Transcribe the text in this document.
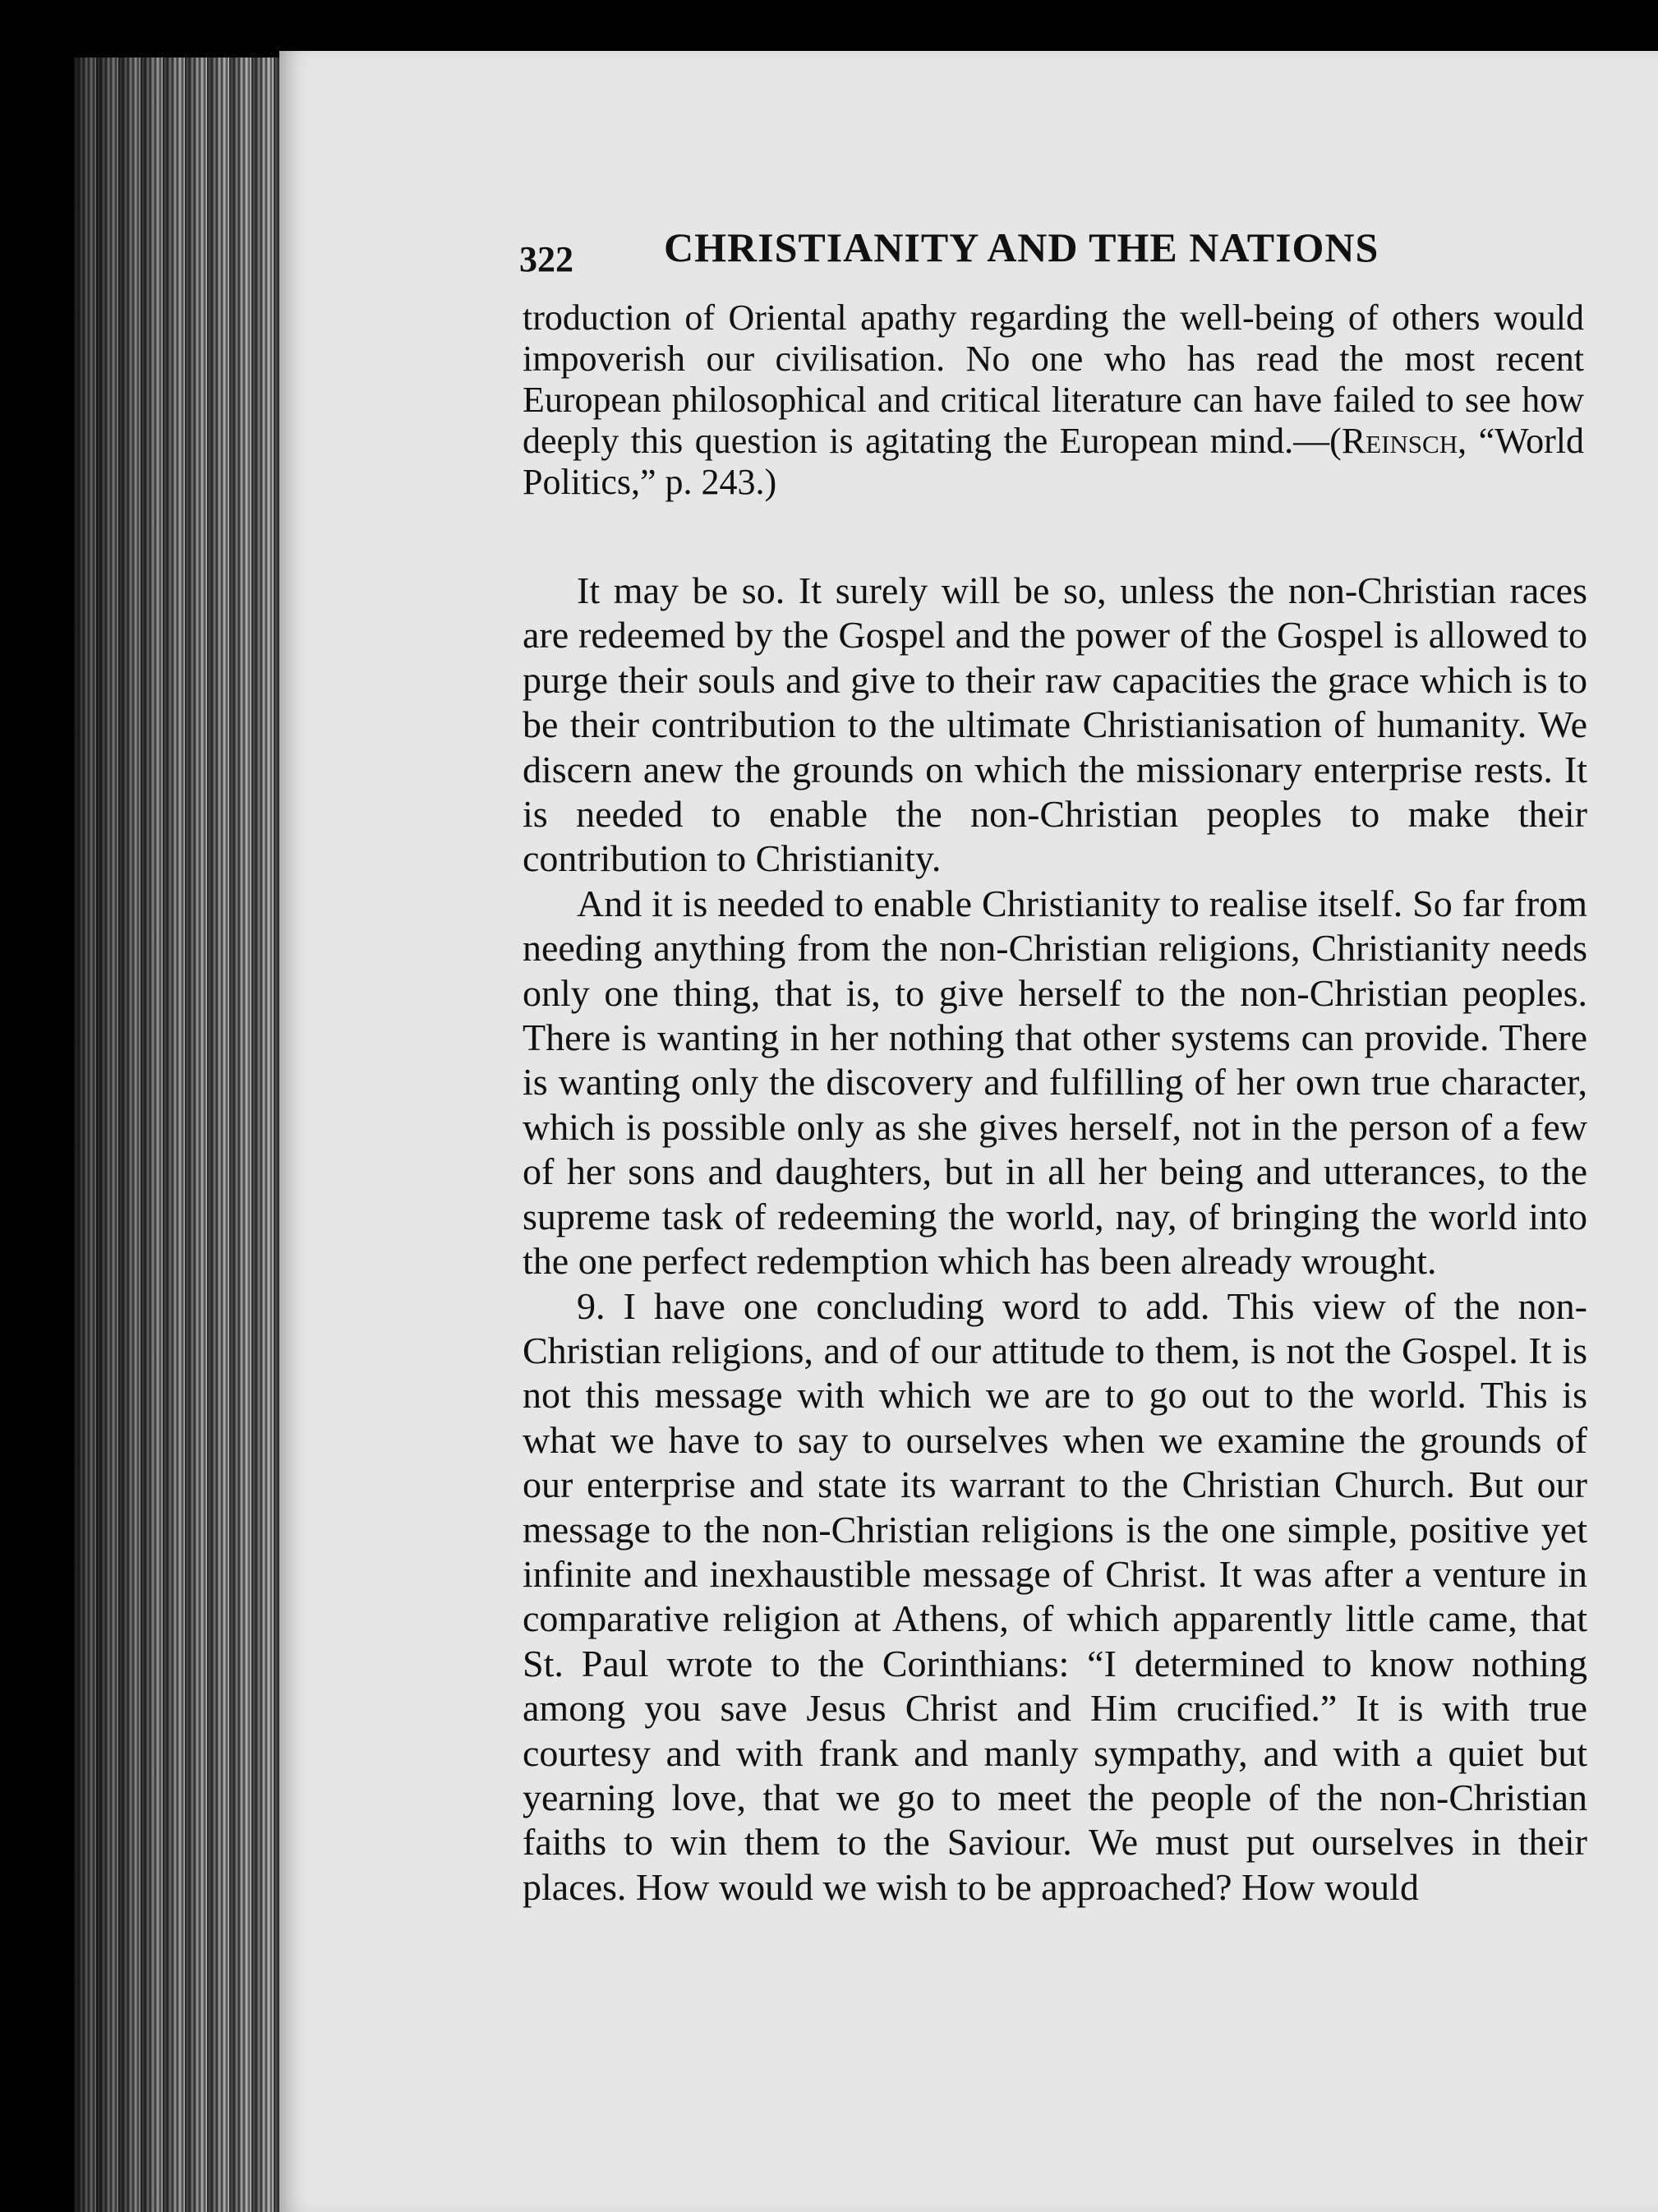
322 CHRISTIANITY AND THE NATIONS

troduction of Oriental apathy regarding the well-being of others would impoverish our civilisation. No one who has read the most recent European philosophical and critical literature can have failed to see how deeply this question is agitating the European mind.—(Reinsch, “World Politics,” p. 243.)

It may be so. It surely will be so, unless the non-Christian races are redeemed by the Gospel and the power of the Gospel is allowed to purge their souls and give to their raw capacities the grace which is to be their contribution to the ultimate Christianisation of humanity. We discern anew the grounds on which the missionary enterprise rests. It is needed to enable the non-Christian peoples to make their contribution to Christianity.

And it is needed to enable Christianity to realise itself. So far from needing anything from the non-Christian religions, Christianity needs only one thing, that is, to give herself to the non-Christian peoples. There is wanting in her nothing that other systems can provide. There is wanting only the discovery and fulfilling of her own true character, which is possible only as she gives herself, not in the person of a few of her sons and daughters, but in all her being and utterances, to the supreme task of redeeming the world, nay, of bringing the world into the one perfect redemption which has been already wrought.

9. I have one concluding word to add. This view of the non-Christian religions, and of our attitude to them, is not the Gospel. It is not this message with which we are to go out to the world. This is what we have to say to ourselves when we examine the grounds of our enterprise and state its warrant to the Christian Church. But our message to the non-Christian religions is the one simple, positive yet infinite and inexhaustible message of Christ. It was after a venture in comparative religion at Athens, of which apparently little came, that St. Paul wrote to the Corinthians: “I determined to know nothing among you save Jesus Christ and Him crucified.” It is with true courtesy and with frank and manly sympathy, and with a quiet but yearning love, that we go to meet the people of the non-Christian faiths to win them to the Saviour. We must put ourselves in their places. How would we wish to be approached? How would
